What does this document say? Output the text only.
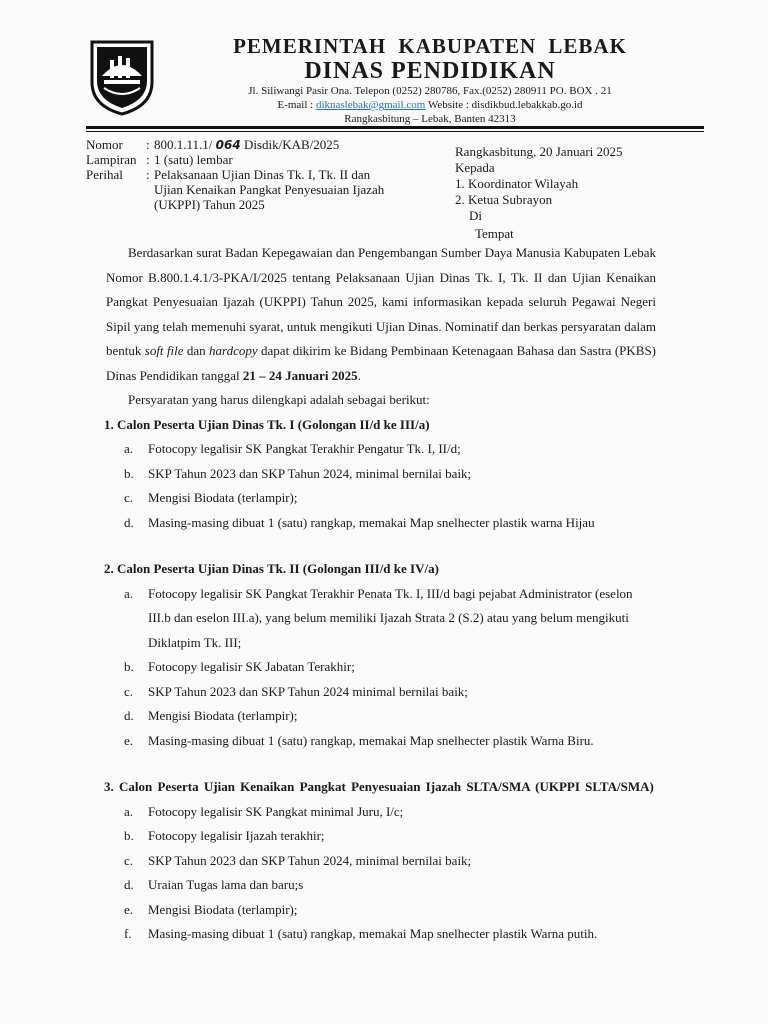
PEMERINTAH KABUPATEN LEBAK
DINAS PENDIDIKAN
Jl. Siliwangi Pasir Ona. Telepon (0252) 280786, Fax.(0252) 280911 PO. BOX . 21
E-mail : diknaslebak@gmail.com Website : disdikbud.lebakkab.go.id
Rangkasbitung – Lebak, Banten 42313
Nomor	: 800.1.11.1/ 064 Disdik/KAB/2025
Lampiran : 1 (satu) lembar
Perihal	: Pelaksanaan Ujian Dinas Tk. I, Tk. II dan
Ujian Kenaikan Pangkat Penyesuaian Ijazah
(UKPPI) Tahun 2025
Rangkasbitung, 20 Januari 2025
Kepada
1. Koordinator Wilayah
2. Ketua Subrayon
Di
Tempat

Berdasarkan surat Badan Kepegawaian dan Pengembangan Sumber Daya Manusia Kabupaten Lebak Nomor B.800.1.4.1/3-PKA/I/2025 tentang Pelaksanaan Ujian Dinas Tk. I, Tk. II dan Ujian Kenaikan Pangkat Penyesuaian Ijazah (UKPPI) Tahun 2025, kami informasikan kepada seluruh Pegawai Negeri Sipil yang telah memenuhi syarat, untuk mengikuti Ujian Dinas. Nominatif dan berkas persyaratan dalam bentuk soft file dan hardcopy dapat dikirim ke Bidang Pembinaan Ketenagaan Bahasa dan Sastra (PKBS) Dinas Pendidikan tanggal 21 – 24 Januari 2025.

Persyaratan yang harus dilengkapi adalah sebagai berikut:

1. Calon Peserta Ujian Dinas Tk. I (Golongan II/d ke III/a)

a. Fotocopy legalisir SK Pangkat Terakhir Pengatur Tk. I, II/d;
b. SKP Tahun 2023 dan SKP Tahun 2024, minimal bernilai baik;
c. Mengisi Biodata (terlampir);
d. Masing-masing dibuat 1 (satu) rangkap, memakai Map snelhecter plastik warna Hijau

2. Calon Peserta Ujian Dinas Tk. II (Golongan III/d ke IV/a)

a. Fotocopy legalisir SK Pangkat Terakhir Penata Tk. I, III/d bagi pejabat Administrator (eselon III.b dan eselon III.a), yang belum memiliki Ijazah Strata 2 (S.2) atau yang belum mengikuti Diklatpim Tk. III;
b. Fotocopy legalisir SK Jabatan Terakhir;
c. SKP Tahun 2023 dan SKP Tahun 2024 minimal bernilai baik;
d. Mengisi Biodata (terlampir);
e. Masing-masing dibuat 1 (satu) rangkap, memakai Map snelhecter plastik Warna Biru.

3. Calon Peserta Ujian Kenaikan Pangkat Penyesuaian Ijazah SLTA/SMA (UKPPI SLTA/SMA)

a. Fotocopy legalisir SK Pangkat minimal Juru, I/c;
b. Fotocopy legalisir Ijazah terakhir;
c. SKP Tahun 2023 dan SKP Tahun 2024, minimal bernilai baik;
d. Uraian Tugas lama dan baru;s
e. Mengisi Biodata (terlampir);
f. Masing-masing dibuat 1 (satu) rangkap, memakai Map snelhecter plastik Warna putih.
